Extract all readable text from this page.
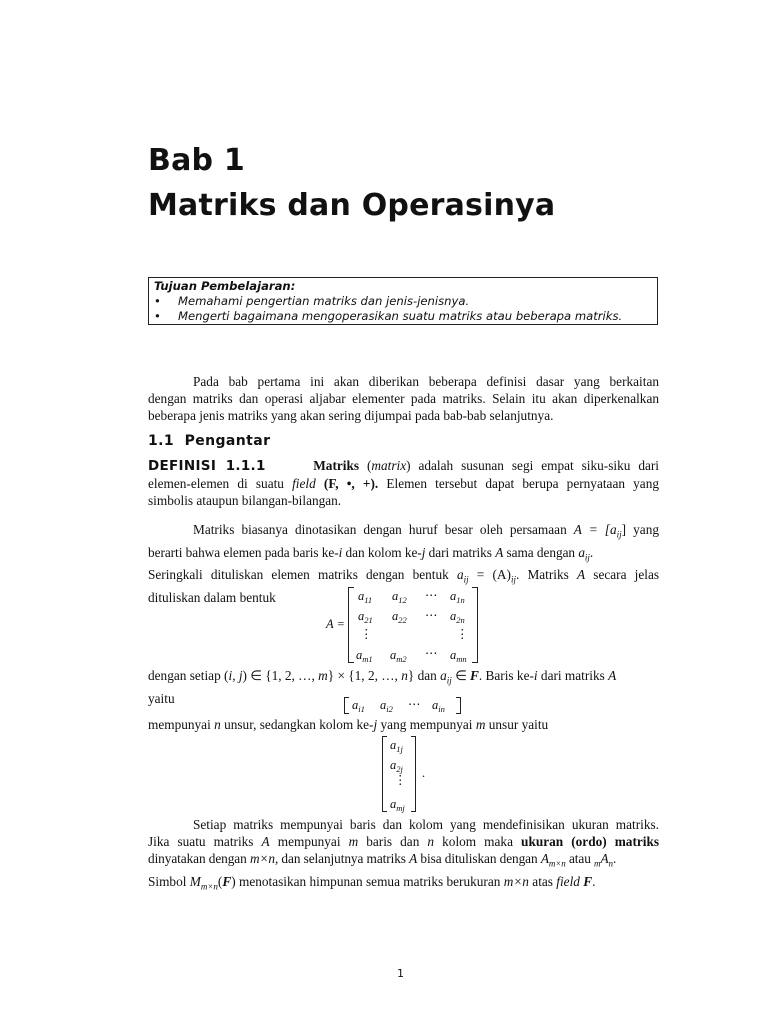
Bab 1
Matriks dan Operasinya
Tujuan Pembelajaran:
• Memahami pengertian matriks dan jenis-jenisnya.
• Mengerti bagaimana mengoperasikan suatu matriks atau beberapa matriks.
Pada bab pertama ini akan diberikan beberapa definisi dasar yang berkaitan
dengan matriks dan operasi aljabar elementer pada matriks. Selain itu akan diperkenalkan
beberapa jenis matriks yang akan sering dijumpai pada bab-bab selanjutnya.
1.1 Pengantar
DEFINISI 1.1.1	Matriks (matrix) adalah susunan segi empat siku-siku dari
elemen-elemen di suatu field (F, •, +). Elemen tersebut dapat berupa pernyataan yang
simbolis ataupun bilangan-bilangan.
Matriks biasanya dinotasikan dengan huruf besar oleh persamaan $A = [a_{ij}]$ yang
berarti bahwa elemen pada baris ke-i dan kolom ke-j dari matriks A sama dengan $a_{ij}$.
Seringkali dituliskan elemen matriks dengan bentuk $a_{ij} = (A)_{ij}$. Matriks A secara jelas
dituliskan dalam bentuk
A =
$a_{11}$ $a_{12}$ ⋯ $a_{1n}$
$a_{21}$ $a_{22}$ ⋯ $a_{2n}$
⋮	⋮
$a_{m1}$ $a_{m2}$ ⋯ $a_{mn}$
dengan setiap (i, j) ∈ {1, 2, …, m} × {1, 2, …, n} dan $a_{ij}$ ∈ F. Baris ke-i dari matriks A
yaitu	$a_{i1}$ $a_{i2}$ ⋯ $a_{in}$
mempunyai n unsur, sedangkan kolom ke-j yang mempunyai m unsur yaitu
$a_{1j}$
$a_{2j}$
⋮
$a_{mj}$
.
Setiap matriks mempunyai baris dan kolom yang mendefinisikan ukuran matriks.
Jika suatu matriks A mempunyai m baris dan n kolom maka ukuran (ordo) matriks
dinyatakan dengan m×n, dan selanjutnya matriks A bisa dituliskan dengan $A_{m\times n}$ atau $_mA_n$.
Simbol $M_{m\times n}(F)$ menotasikan himpunan semua matriks berukuran m×n atas field F.
1
